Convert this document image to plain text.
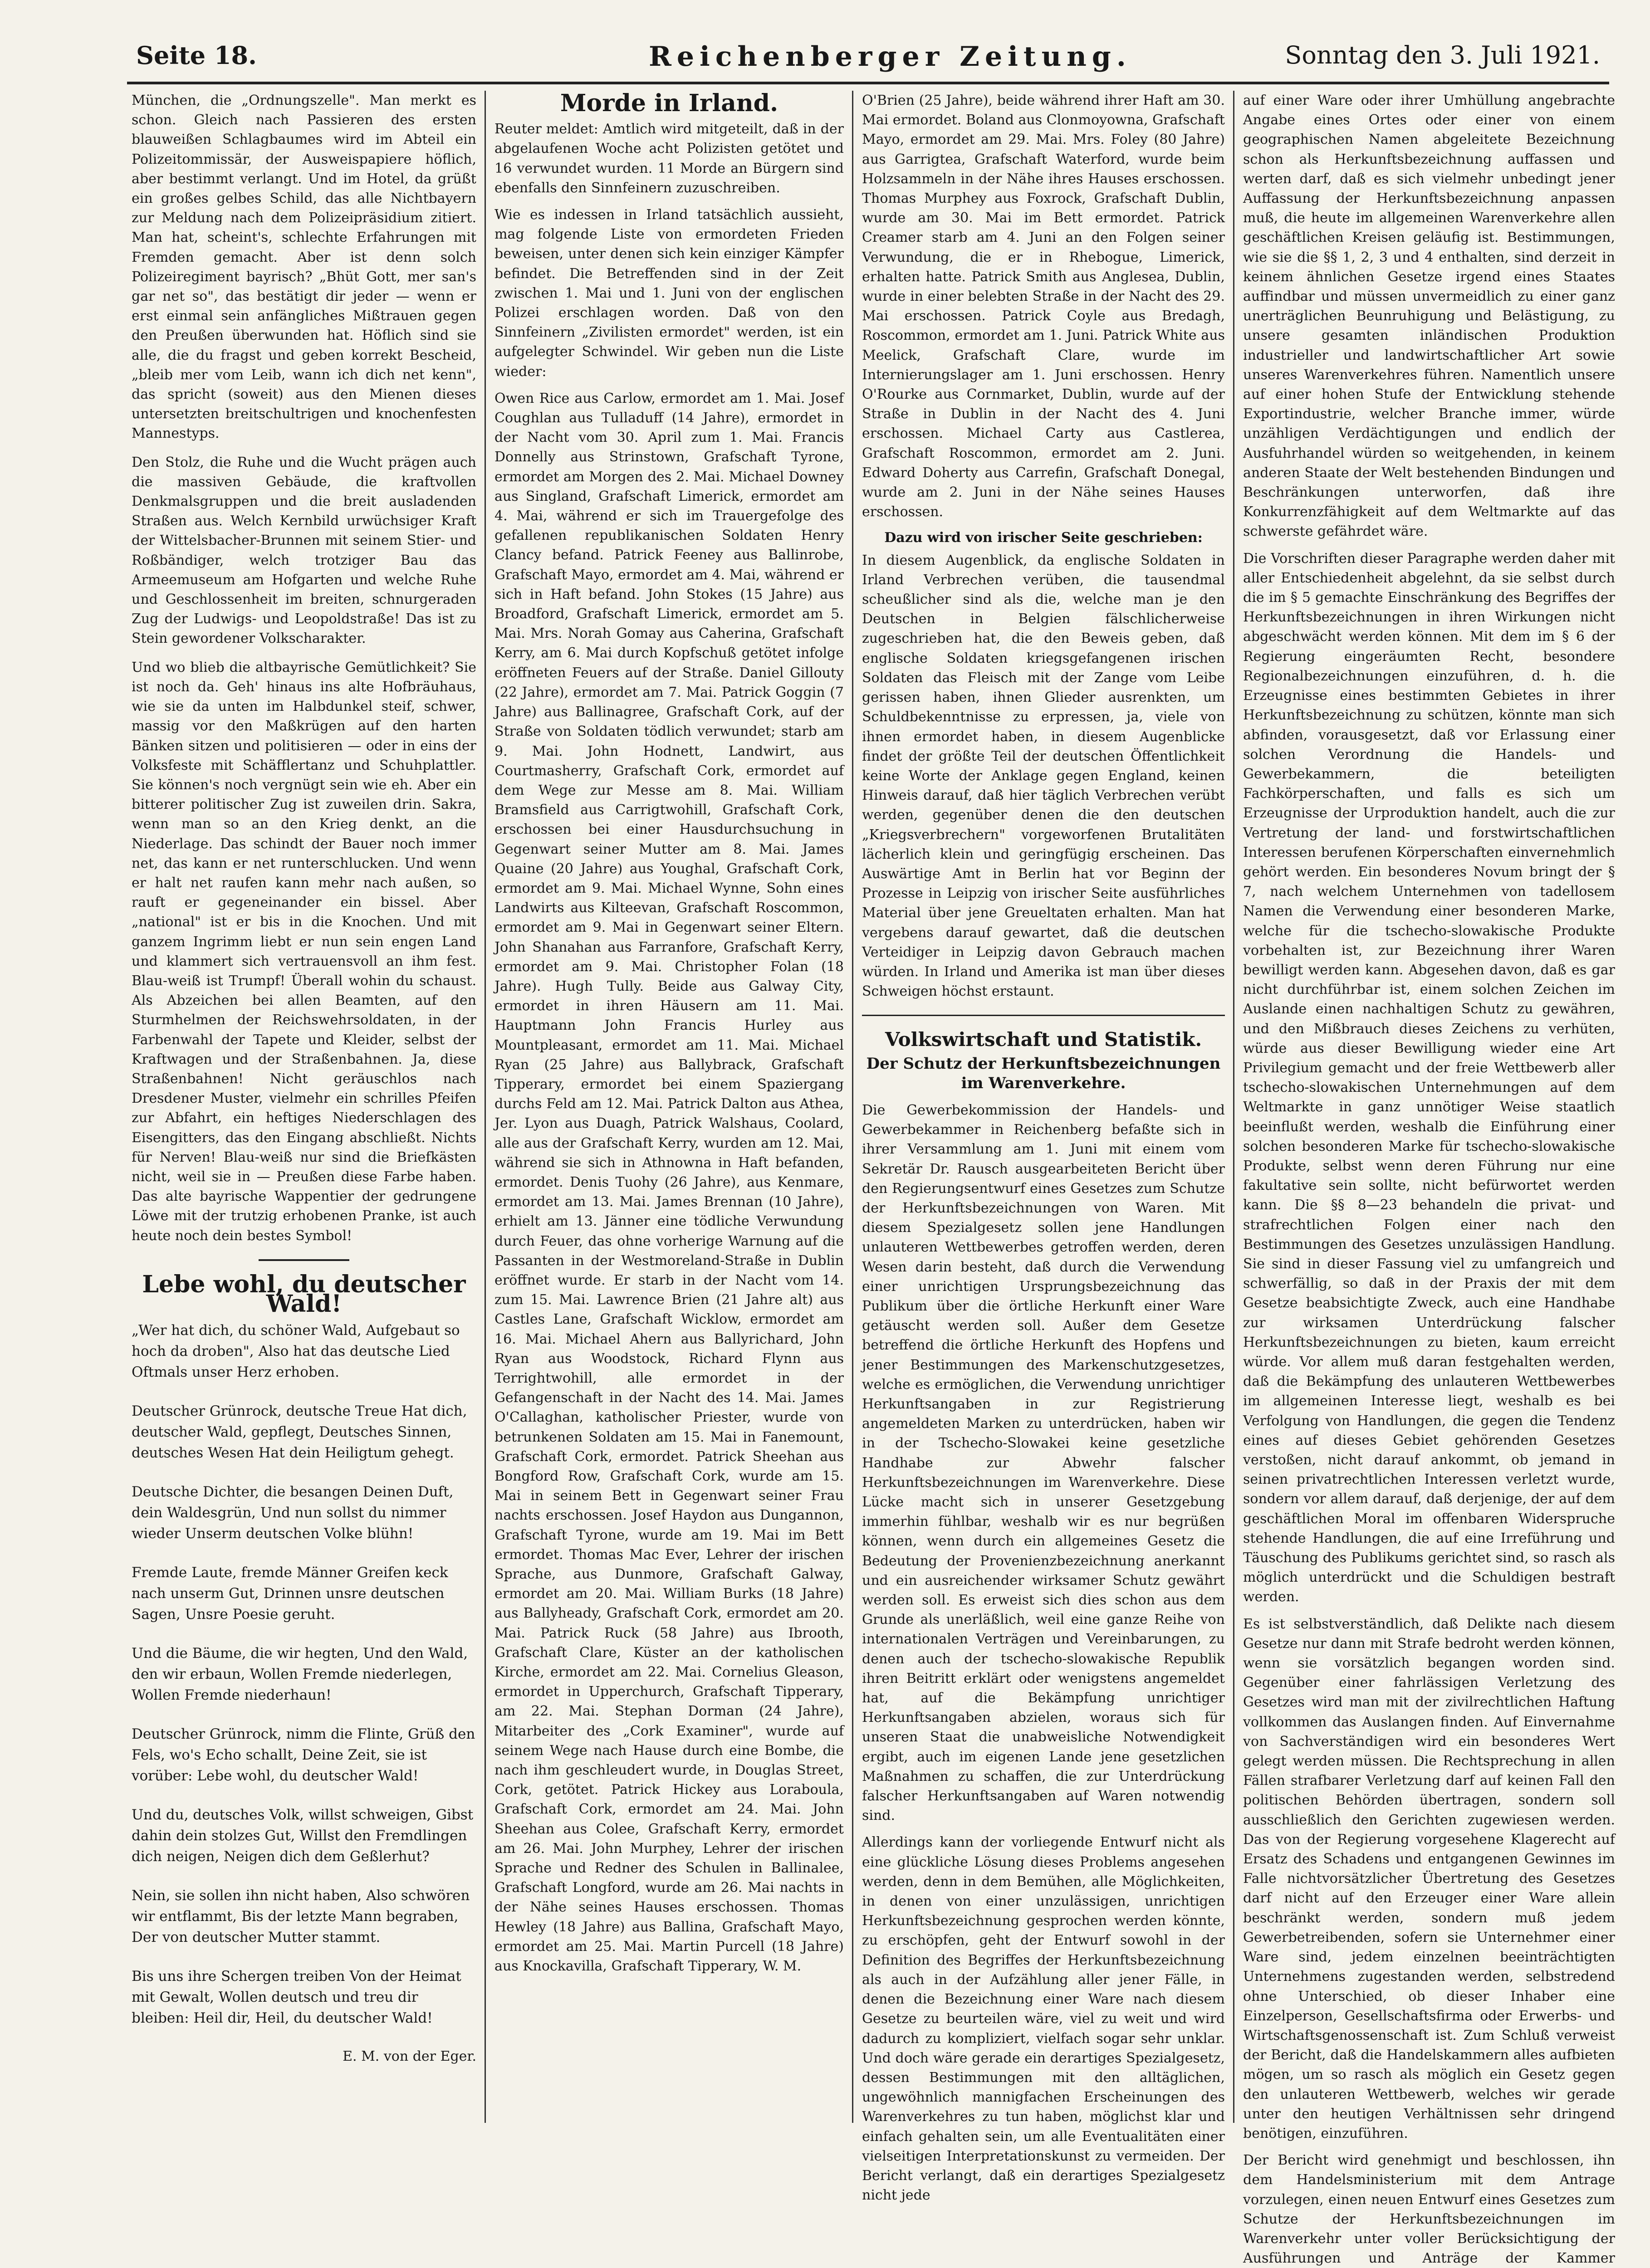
Seite 18.	Reichenberger Zeitung.	Sonntag den 3. Juli 1921.

München, die „Ordnungszelle". Man merkt es schon. Gleich nach Passieren des ersten blauweißen Schlagbaumes wird im Abteil ein Polizeitommissär, der Ausweispapiere höflich, aber bestimmt verlangt. Und im Hotel, da grüßt ein großes gelbes Schild, das alle Nichtbayern zur Meldung nach dem Polizeipräsidium zitiert. Man hat, scheint's, schlechte Erfahrungen mit Fremden gemacht. Aber ist denn solch Polizeiregiment bayrisch? „Bhüt Gott, mer san's gar net so", das bestätigt dir jeder — wenn er erst einmal sein anfängliches Mißtrauen gegen den Preußen überwunden hat. Höflich sind sie alle, die du fragst und geben korrekt Bescheid, „bleib mer vom Leib, wann ich dich net kenn", das spricht (soweit) aus den Mienen dieses untersetzten breitschultrigen und knochenfesten Mannestyps.

Den Stolz, die Ruhe und die Wucht prägen auch die massiven Gebäude, die kraftvollen Denkmalsgruppen und die breit ausladenden Straßen aus. Welch Kernbild urwüchsiger Kraft der Wittelsbacher-Brunnen mit seinem Stier- und Roßbändiger, welch trotziger Bau das Armeemuseum am Hofgarten und welche Ruhe und Geschlossenheit im breiten, schnurgeraden Zug der Ludwigs- und Leopoldstraße! Das ist zu Stein gewordener Volkscharakter.

Und wo blieb die altbayrische Gemütlichkeit? Sie ist noch da. Geh' hinaus ins alte Hofbräuhaus, wie sie da unten im Halbdunkel steif, schwer, massig vor den Maßkrügen auf den harten Bänken sitzen und politisieren — oder in eins der Volksfeste mit Schäfflertanz und Schuhplattler. Sie können's noch vergnügt sein wie eh. Aber ein bitterer politischer Zug ist zuweilen drin. Sakra, wenn man so an den Krieg denkt, an die Niederlage. Das schindt der Bauer noch immer net, das kann er net runterschlucken. Und wenn er halt net raufen kann mehr nach außen, so rauft er gegeneinander ein bissel. Aber „national" ist er bis in die Knochen. Und mit ganzem Ingrimm liebt er nun sein engen Land und klammert sich vertrauensvoll an ihm fest. Blau-weiß ist Trumpf! Überall wohin du schaust. Als Abzeichen bei allen Beamten, auf den Sturmhelmen der Reichswehrsoldaten, in der Farbenwahl der Tapete und Kleider, selbst der Kraftwagen und der Straßenbahnen. Ja, diese Straßenbahnen! Nicht geräuschlos nach Dresdener Muster, vielmehr ein schrilles Pfeifen zur Abfahrt, ein heftiges Niederschlagen des Eisengitters, das den Eingang abschließt. Nichts für Nerven! Blau-weiß nur sind die Briefkästen nicht, weil sie in — Preußen diese Farbe haben. Das alte bayrische Wappentier der gedrungene Löwe mit der trutzig erhobenen Pranke, ist auch heute noch dein bestes Symbol!

Lebe wohl, du deutscher Wald!

„Wer hat dich, du schöner Wald, Aufgebaut so hoch da droben", Also hat das deutsche Lied Oftmals unser Herz erhoben.

Deutscher Grünrock, deutsche Treue Hat dich, deutscher Wald, gepflegt, Deutsches Sinnen, deutsches Wesen Hat dein Heiligtum gehegt.

Deutsche Dichter, die besangen Deinen Duft, dein Waldesgrün, Und nun sollst du nimmer wieder Unserm deutschen Volke blühn!

Fremde Laute, fremde Männer Greifen keck nach unserm Gut, Drinnen unsre deutschen Sagen, Unsre Poesie geruht.

Und die Bäume, die wir hegten, Und den Wald, den wir erbaun, Wollen Fremde niederlegen, Wollen Fremde niederhaun!

Deutscher Grünrock, nimm die Flinte, Grüß den Fels, wo's Echo schallt, Deine Zeit, sie ist vorüber: Lebe wohl, du deutscher Wald!

Und du, deutsches Volk, willst schweigen, Gibst dahin dein stolzes Gut, Willst den Fremdlingen dich neigen, Neigen dich dem Geßlerhut?

Nein, sie sollen ihn nicht haben, Also schwören wir entflammt, Bis der letzte Mann begraben, Der von deutscher Mutter stammt.

Bis uns ihre Schergen treiben Von der Heimat mit Gewalt, Wollen deutsch und treu dir bleiben: Heil dir, Heil, du deutscher Wald!

E. M. von der Eger.

Morde in Irland.

Reuter meldet: Amtlich wird mitgeteilt, daß in der abgelaufenen Woche acht Polizisten getötet und 16 verwundet wurden. 11 Morde an Bürgern sind ebenfalls den Sinnfeinern zuzuschreiben.

Wie es indessen in Irland tatsächlich aussieht, mag folgende Liste von ermordeten Frieden beweisen, unter denen sich kein einziger Kämpfer befindet. Die Betreffenden sind in der Zeit zwischen 1. Mai und 1. Juni von der englischen Polizei erschlagen worden. Daß von den Sinnfeinern „Zivilisten ermordet" werden, ist ein aufgelegter Schwindel. Wir geben nun die Liste wieder:

Owen Rice aus Carlow, ermordet am 1. Mai. Josef Coughlan aus Tulladuff (14 Jahre), ermordet in der Nacht vom 30. April zum 1. Mai. Francis Donnelly aus Strinstown, Grafschaft Tyrone, ermordet am Morgen des 2. Mai. Michael Downey aus Singland, Grafschaft Limerick, ermordet am 4. Mai, während er sich im Trauergefolge des gefallenen republikanischen Soldaten Henry Clancy befand. Patrick Feeney aus Ballinrobe, Grafschaft Mayo, ermordet am 4. Mai, während er sich in Haft befand. John Stokes (15 Jahre) aus Broadford, Grafschaft Limerick, ermordet am 5. Mai. Mrs. Norah Gomay aus Caherina, Grafschaft Kerry, am 6. Mai durch Kopfschuß getötet infolge eröffneten Feuers auf der Straße. Daniel Gillouty (22 Jahre), ermordet am 7. Mai. Patrick Goggin (7 Jahre) aus Ballinagree, Grafschaft Cork, auf der Straße von Soldaten tödlich verwundet; starb am 9. Mai. John Hodnett, Landwirt, aus Courtmasherry, Grafschaft Cork, ermordet auf dem Wege zur Messe am 8. Mai. William Bramsfield aus Carrigtwohill, Grafschaft Cork, erschossen bei einer Hausdurchsuchung in Gegenwart seiner Mutter am 8. Mai. James Quaine (20 Jahre) aus Youghal, Grafschaft Cork, ermordet am 9. Mai. Michael Wynne, Sohn eines Landwirts aus Kilteevan, Grafschaft Roscommon, ermordet am 9. Mai in Gegenwart seiner Eltern. John Shanahan aus Farranfore, Grafschaft Kerry, ermordet am 9. Mai. Christopher Folan (18 Jahre). Hugh Tully. Beide aus Galway City, ermordet in ihren Häusern am 11. Mai. Hauptmann John Francis Hurley aus Mountpleasant, ermordet am 11. Mai. Michael Ryan (25 Jahre) aus Ballybrack, Grafschaft Tipperary, ermordet bei einem Spaziergang durchs Feld am 12. Mai. Patrick Dalton aus Athea, Jer. Lyon aus Duagh, Patrick Walshaus, Coolard, alle aus der Grafschaft Kerry, wurden am 12. Mai, während sie sich in Athnowna in Haft befanden, ermordet. Denis Tuohy (26 Jahre), aus Kenmare, ermordet am 13. Mai. James Brennan (10 Jahre), erhielt am 13. Jänner eine tödliche Verwundung durch Feuer, das ohne vorherige Warnung auf die Passanten in der Westmoreland-Straße in Dublin eröffnet wurde. Er starb in der Nacht vom 14. zum 15. Mai. Lawrence Brien (21 Jahre alt) aus Castles Lane, Grafschaft Wicklow, ermordet am 16. Mai. Michael Ahern aus Ballyrichard, John Ryan aus Woodstock, Richard Flynn aus Terrightwohill, alle ermordet in der Gefangenschaft in der Nacht des 14. Mai. James O'Callaghan, katholischer Priester, wurde von betrunkenen Soldaten am 15. Mai in Fanemount, Grafschaft Cork, ermordet. Patrick Sheehan aus Bongford Row, Grafschaft Cork, wurde am 15. Mai in seinem Bett in Gegenwart seiner Frau nachts erschossen. Josef Haydon aus Dungannon, Grafschaft Tyrone, wurde am 19. Mai im Bett ermordet. Thomas Mac Ever, Lehrer der irischen Sprache, aus Dunmore, Grafschaft Galway, ermordet am 20. Mai. William Burks (18 Jahre) aus Ballyheady, Grafschaft Cork, ermordet am 20. Mai. Patrick Ruck (58 Jahre) aus Ibrooth, Grafschaft Clare, Küster an der katholischen Kirche, ermordet am 22. Mai. Cornelius Gleason, ermordet in Upperchurch, Grafschaft Tipperary, am 22. Mai. Stephan Dorman (24 Jahre), Mitarbeiter des „Cork Examiner", wurde auf seinem Wege nach Hause durch eine Bombe, die nach ihm geschleudert wurde, in Douglas Street, Cork, getötet. Patrick Hickey aus Loraboula, Grafschaft Cork, ermordet am 24. Mai. John Sheehan aus Colee, Grafschaft Kerry, ermordet am 26. Mai. John Murphey, Lehrer der irischen Sprache und Redner des Schulen in Ballinalee, Grafschaft Longford, wurde am 26. Mai nachts in der Nähe seines Hauses erschossen. Thomas Hewley (18 Jahre) aus Ballina, Grafschaft Mayo, ermordet am 25. Mai. Martin Purcell (18 Jahre) aus Knockavilla, Grafschaft Tipperary, W. M.

O'Brien (25 Jahre), beide während ihrer Haft am 30. Mai ermordet. Boland aus Clonmoyowna, Grafschaft Mayo, ermordet am 29. Mai. Mrs. Foley (80 Jahre) aus Garrigtea, Grafschaft Waterford, wurde beim Holzsammeln in der Nähe ihres Hauses erschossen. Thomas Murphey aus Foxrock, Grafschaft Dublin, wurde am 30. Mai im Bett ermordet. Patrick Creamer starb am 4. Juni an den Folgen seiner Verwundung, die er in Rhebogue, Limerick, erhalten hatte. Patrick Smith aus Anglesea, Dublin, wurde in einer belebten Straße in der Nacht des 29. Mai erschossen. Patrick Coyle aus Bredagh, Roscommon, ermordet am 1. Juni. Patrick White aus Meelick, Grafschaft Clare, wurde im Internierungslager am 1. Juni erschossen. Henry O'Rourke aus Cornmarket, Dublin, wurde auf der Straße in Dublin in der Nacht des 4. Juni erschossen. Michael Carty aus Castlerea, Grafschaft Roscommon, ermordet am 2. Juni. Edward Doherty aus Carrefin, Grafschaft Donegal, wurde am 2. Juni in der Nähe seines Hauses erschossen.

Dazu wird von irischer Seite geschrieben:

In diesem Augenblick, da englische Soldaten in Irland Verbrechen verüben, die tausendmal scheußlicher sind als die, welche man je den Deutschen in Belgien fälschlicherweise zugeschrieben hat, die den Beweis geben, daß englische Soldaten kriegsgefangenen irischen Soldaten das Fleisch mit der Zange vom Leibe gerissen haben, ihnen Glieder ausrenkten, um Schuldbekenntnisse zu erpressen, ja, viele von ihnen ermordet haben, in diesem Augenblicke findet der größte Teil der deutschen Öffentlichkeit keine Worte der Anklage gegen England, keinen Hinweis darauf, daß hier täglich Verbrechen verübt werden, gegenüber denen die den deutschen „Kriegsverbrechern" vorgeworfenen Brutalitäten lächerlich klein und geringfügig erscheinen. Das Auswärtige Amt in Berlin hat vor Beginn der Prozesse in Leipzig von irischer Seite ausführliches Material über jene Greueltaten erhalten. Man hat vergebens darauf gewartet, daß die deutschen Verteidiger in Leipzig davon Gebrauch machen würden. In Irland und Amerika ist man über dieses Schweigen höchst erstaunt.

Volkswirtschaft und Statistik.

Der Schutz der Herkunftsbezeichnungen im Warenverkehre.

Die Gewerbekommission der Handels- und Gewerbekammer in Reichenberg befaßte sich in ihrer Versammlung am 1. Juni mit einem vom Sekretär Dr. Rausch ausgearbeiteten Bericht über den Regierungsentwurf eines Gesetzes zum Schutze der Herkunftsbezeichnungen von Waren. Mit diesem Spezialgesetz sollen jene Handlungen unlauteren Wettbewerbes getroffen werden, deren Wesen darin besteht, daß durch die Verwendung einer unrichtigen Ursprungsbezeichnung das Publikum über die örtliche Herkunft einer Ware getäuscht werden soll. Außer dem Gesetze betreffend die örtliche Herkunft des Hopfens und jener Bestimmungen des Markenschutzgesetzes, welche es ermöglichen, die Verwendung unrichtiger Herkunftsangaben in zur Registrierung angemeldeten Marken zu unterdrücken, haben wir in der Tschecho-Slowakei keine gesetzliche Handhabe zur Abwehr falscher Herkunftsbezeichnungen im Warenverkehre. Diese Lücke macht sich in unserer Gesetzgebung immerhin fühlbar, weshalb wir es nur begrüßen können, wenn durch ein allgemeines Gesetz die Bedeutung der Provenienzbezeichnung anerkannt und ein ausreichender wirksamer Schutz gewährt werden soll. Es erweist sich dies schon aus dem Grunde als unerläßlich, weil eine ganze Reihe von internationalen Verträgen und Vereinbarungen, zu denen auch der tschecho-slowakische Republik ihren Beitritt erklärt oder wenigstens angemeldet hat, auf die Bekämpfung unrichtiger Herkunftsangaben abzielen, woraus sich für unseren Staat die unabweisliche Notwendigkeit ergibt, auch im eigenen Lande jene gesetzlichen Maßnahmen zu schaffen, die zur Unterdrückung falscher Herkunftsangaben auf Waren notwendig sind.

Allerdings kann der vorliegende Entwurf nicht als eine glückliche Lösung dieses Problems angesehen werden, denn in dem Bemühen, alle Möglichkeiten, in denen von einer unzulässigen, unrichtigen Herkunftsbezeichnung gesprochen werden könnte, zu erschöpfen, geht der Entwurf sowohl in der Definition des Begriffes der Herkunftsbezeichnung als auch in der Aufzählung aller jener Fälle, in denen die Bezeichnung einer Ware nach diesem Gesetze zu beurteilen wäre, viel zu weit und wird dadurch zu kompliziert, vielfach sogar sehr unklar. Und doch wäre gerade ein derartiges Spezialgesetz, dessen Bestimmungen mit den alltäglichen, ungewöhnlich mannigfachen Erscheinungen des Warenverkehres zu tun haben, möglichst klar und einfach gehalten sein, um alle Eventualitäten einer vielseitigen Interpretationskunst zu vermeiden. Der Bericht verlangt, daß ein derartiges Spezialgesetz nicht jede

auf einer Ware oder ihrer Umhüllung angebrachte Angabe eines Ortes oder einer von einem geographischen Namen abgeleitete Bezeichnung schon als Herkunftsbezeichnung auffassen und werten darf, daß es sich vielmehr unbedingt jener Auffassung der Herkunftsbezeichnung anpassen muß, die heute im allgemeinen Warenverkehre allen geschäftlichen Kreisen geläufig ist. Bestimmungen, wie sie die §§ 1, 2, 3 und 4 enthalten, sind derzeit in keinem ähnlichen Gesetze irgend eines Staates auffindbar und müssen unvermeidlich zu einer ganz unerträglichen Beunruhigung und Belästigung, zu unsere gesamten inländischen Produktion industrieller und landwirtschaftlicher Art sowie unseres Warenverkehres führen. Namentlich unsere auf einer hohen Stufe der Entwicklung stehende Exportindustrie, welcher Branche immer, würde unzähligen Verdächtigungen und endlich der Ausfuhrhandel würden so weitgehenden, in keinem anderen Staate der Welt bestehenden Bindungen und Beschränkungen unterworfen, daß ihre Konkurrenzfähigkeit auf dem Weltmarkte auf das schwerste gefährdet wäre.

Die Vorschriften dieser Paragraphe werden daher mit aller Entschiedenheit abgelehnt, da sie selbst durch die im § 5 gemachte Einschränkung des Begriffes der Herkunftsbezeichnungen in ihren Wirkungen nicht abgeschwächt werden können. Mit dem im § 6 der Regierung eingeräumten Recht, besondere Regionalbezeichnungen einzuführen, d. h. die Erzeugnisse eines bestimmten Gebietes in ihrer Herkunftsbezeichnung zu schützen, könnte man sich abfinden, vorausgesetzt, daß vor Erlassung einer solchen Verordnung die Handels- und Gewerbekammern, die beteiligten Fachkörperschaften, und falls es sich um Erzeugnisse der Urproduktion handelt, auch die zur Vertretung der land- und forstwirtschaftlichen Interessen berufenen Körperschaften einvernehmlich gehört werden. Ein besonderes Novum bringt der § 7, nach welchem Unternehmen von tadellosem Namen die Verwendung einer besonderen Marke, welche für die tschecho-slowakische Produkte vorbehalten ist, zur Bezeichnung ihrer Waren bewilligt werden kann. Abgesehen davon, daß es gar nicht durchführbar ist, einem solchen Zeichen im Auslande einen nachhaltigen Schutz zu gewähren, und den Mißbrauch dieses Zeichens zu verhüten, würde aus dieser Bewilligung wieder eine Art Privilegium gemacht und der freie Wettbewerb aller tschecho-slowakischen Unternehmungen auf dem Weltmarkte in ganz unnötiger Weise staatlich beeinflußt werden, weshalb die Einführung einer solchen besonderen Marke für tschecho-slowakische Produkte, selbst wenn deren Führung nur eine fakultative sein sollte, nicht befürwortet werden kann. Die §§ 8—23 behandeln die privat- und strafrechtlichen Folgen einer nach den Bestimmungen des Gesetzes unzulässigen Handlung. Sie sind in dieser Fassung viel zu umfangreich und schwerfällig, so daß in der Praxis der mit dem Gesetze beabsichtigte Zweck, auch eine Handhabe zur wirksamen Unterdrückung falscher Herkunftsbezeichnungen zu bieten, kaum erreicht würde. Vor allem muß daran festgehalten werden, daß die Bekämpfung des unlauteren Wettbewerbes im allgemeinen Interesse liegt, weshalb es bei Verfolgung von Handlungen, die gegen die Tendenz eines auf dieses Gebiet gehörenden Gesetzes verstoßen, nicht darauf ankommt, ob jemand in seinen privatrechtlichen Interessen verletzt wurde, sondern vor allem darauf, daß derjenige, der auf dem geschäftlichen Moral im offenbaren Widerspruche stehende Handlungen, die auf eine Irreführung und Täuschung des Publikums gerichtet sind, so rasch als möglich unterdrückt und die Schuldigen bestraft werden.

Es ist selbstverständlich, daß Delikte nach diesem Gesetze nur dann mit Strafe bedroht werden können, wenn sie vorsätzlich begangen worden sind. Gegenüber einer fahrlässigen Verletzung des Gesetzes wird man mit der zivilrechtlichen Haftung vollkommen das Auslangen finden. Auf Einvernahme von Sachverständigen wird ein besonderes Wert gelegt werden müssen. Die Rechtsprechung in allen Fällen strafbarer Verletzung darf auf keinen Fall den politischen Behörden übertragen, sondern soll ausschließlich den Gerichten zugewiesen werden. Das von der Regierung vorgesehene Klagerecht auf Ersatz des Schadens und entgangenen Gewinnes im Falle nichtvorsätzlicher Übertretung des Gesetzes darf nicht auf den Erzeuger einer Ware allein beschränkt werden, sondern muß jedem Gewerbetreibenden, sofern sie Unternehmer einer Ware sind, jedem einzelnen beeinträchtigten Unternehmens zugestanden werden, selbstredend ohne Unterschied, ob dieser Inhaber eine Einzelperson, Gesellschaftsfirma oder Erwerbs- und Wirtschaftsgenossenschaft ist. Zum Schluß verweist der Bericht, daß die Handelskammern alles aufbieten mögen, um so rasch als möglich ein Gesetz gegen den unlauteren Wettbewerb, welches wir gerade unter den heutigen Verhältnissen sehr dringend benötigen, einzuführen.

Der Bericht wird genehmigt und beschlossen, ihn dem Handelsministerium mit dem Antrage vorzulegen, einen neuen Entwurf eines Gesetzes zum Schutze der Herkunftsbezeichnungen im Warenverkehr unter voller Berücksichtigung der Ausführungen und Anträge der Kammer
